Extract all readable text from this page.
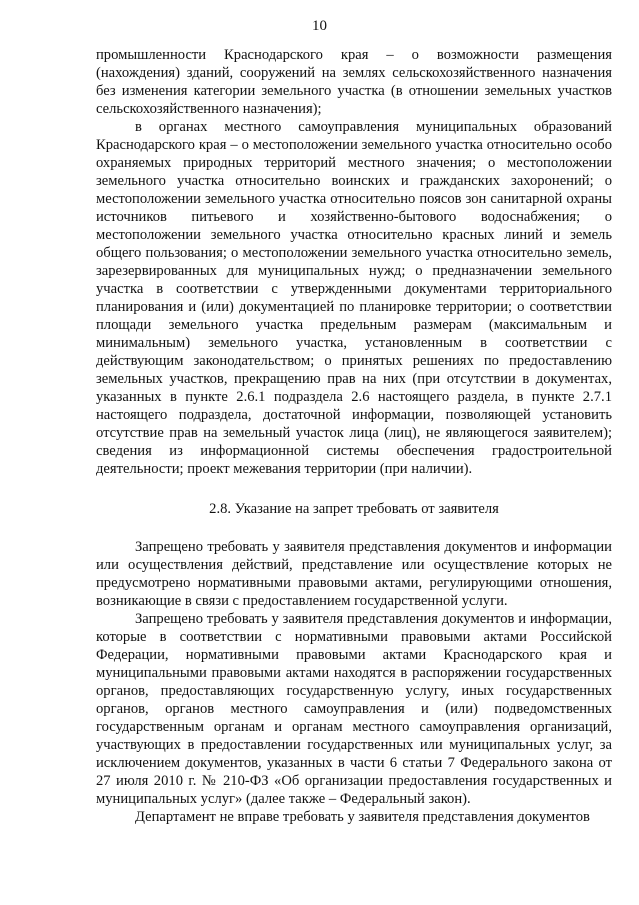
10

промышленности Краснодарского края – о возможности размещения (нахождения) зданий, сооружений на землях сельскохозяйственного назначения без изменения категории земельного участка (в отношении земельных участков сельскохозяйственного назначения);

в органах местного самоуправления муниципальных образований Краснодарского края – о местоположении земельного участка относительно особо охраняемых природных территорий местного значения; о местоположении земельного участка относительно воинских и гражданских захоронений; о местоположении земельного участка относительно поясов зон санитарной охраны источников питьевого и хозяйственно-бытового водоснабжения; о местоположении земельного участка относительно красных линий и земель общего пользования; о местоположении земельного участка относительно земель, зарезервированных для муниципальных нужд; о предназначении земельного участка в соответствии с утвержденными документами территориального планирования и (или) документацией по планировке территории; о соответствии площади земельного участка предельным размерам (максимальным и минимальным) земельного участка, установленным в соответствии с действующим законодательством; о принятых решениях по предоставлению земельных участков, прекращению прав на них (при отсутствии в документах, указанных в пункте 2.6.1 подраздела 2.6 настоящего раздела, в пункте 2.7.1 настоящего подраздела, достаточной информации, позволяющей установить отсутствие прав на земельный участок лица (лиц), не являющегося заявителем); сведения из информационной системы обеспечения градостроительной деятельности; проект межевания территории (при наличии).

2.8. Указание на запрет требовать от заявителя

Запрещено требовать у заявителя представления документов и информации или осуществления действий, представление или осуществление которых не предусмотрено нормативными правовыми актами, регулирующими отношения, возникающие в связи с предоставлением государственной услуги.

Запрещено требовать у заявителя представления документов и информации, которые в соответствии с нормативными правовыми актами Российской Федерации, нормативными правовыми актами Краснодарского края и муниципальными правовыми актами находятся в распоряжении государственных органов, предоставляющих государственную услугу, иных государственных органов, органов местного самоуправления и (или) подведомственных государственным органам и органам местного самоуправления организаций, участвующих в предоставлении государственных или муниципальных услуг, за исключением документов, указанных в части 6 статьи 7 Федерального закона от 27 июля 2010 г. № 210-ФЗ «Об организации предоставления государственных и муниципальных услуг» (далее также – Федеральный закон).

Департамент не вправе требовать у заявителя представления документов
